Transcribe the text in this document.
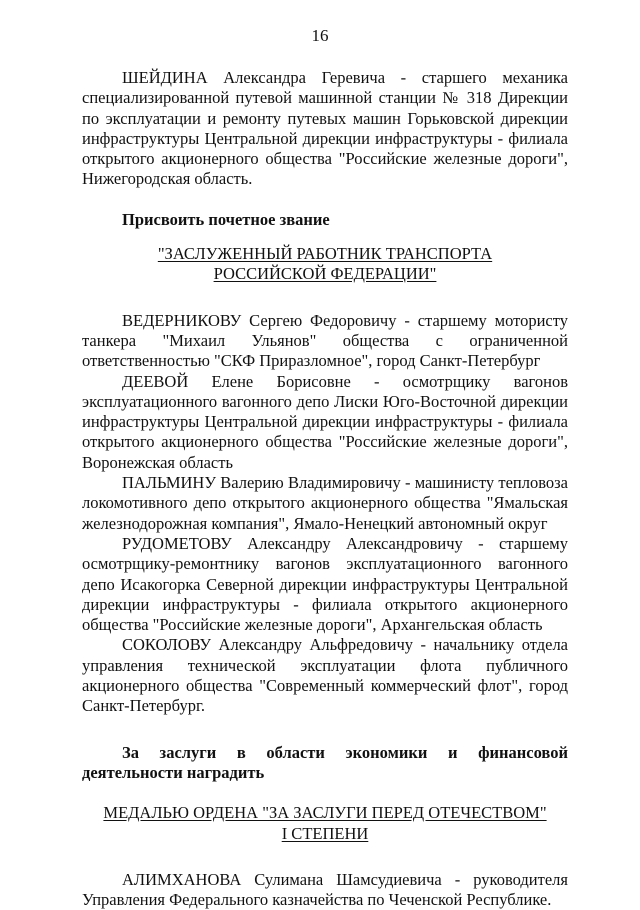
16

ШЕЙДИНА Александра Геревича - старшего механика специализированной путевой машинной станции № 318 Дирекции по эксплуатации и ремонту путевых машин Горьковской дирекции инфраструктуры Центральной дирекции инфраструктуры - филиала открытого акционерного общества "Российские железные дороги", Нижегородская область.

Присвоить почетное звание

"ЗАСЛУЖЕННЫЙ РАБОТНИК ТРАНСПОРТА
РОССИЙСКОЙ ФЕДЕРАЦИИ"

ВЕДЕРНИКОВУ Сергею Федоровичу - старшему мотористу танкера "Михаил Ульянов" общества с ограниченной ответственностью "СКФ Приразломное", город Санкт-Петербург

ДЕЕВОЙ Елене Борисовне - осмотрщику вагонов эксплуатационного вагонного депо Лиски Юго-Восточной дирекции инфраструктуры Центральной дирекции инфраструктуры - филиала открытого акционерного общества "Российские железные дороги", Воронежская область

ПАЛЬМИНУ Валерию Владимировичу - машинисту тепловоза локомотивного депо открытого акционерного общества "Ямальская железнодорожная компания", Ямало-Ненецкий автономный округ

РУДОМЕТОВУ Александру Александровичу - старшему осмотрщику-ремонтнику вагонов эксплуатационного вагонного депо Исакогорка Северной дирекции инфраструктуры Центральной дирекции инфраструктуры - филиала открытого акционерного общества "Российские железные дороги", Архангельская область

СОКОЛОВУ Александру Альфредовичу - начальнику отдела управления технической эксплуатации флота публичного акционерного общества "Современный коммерческий флот", город Санкт-Петербург.

За заслуги в области экономики и финансовой деятельности наградить

МЕДАЛЬЮ ОРДЕНА "ЗА ЗАСЛУГИ ПЕРЕД ОТЕЧЕСТВОМ"
I СТЕПЕНИ

АЛИМХАНОВА Сулимана Шамсудиевича - руководителя Управления Федерального казначейства по Чеченской Республике.
